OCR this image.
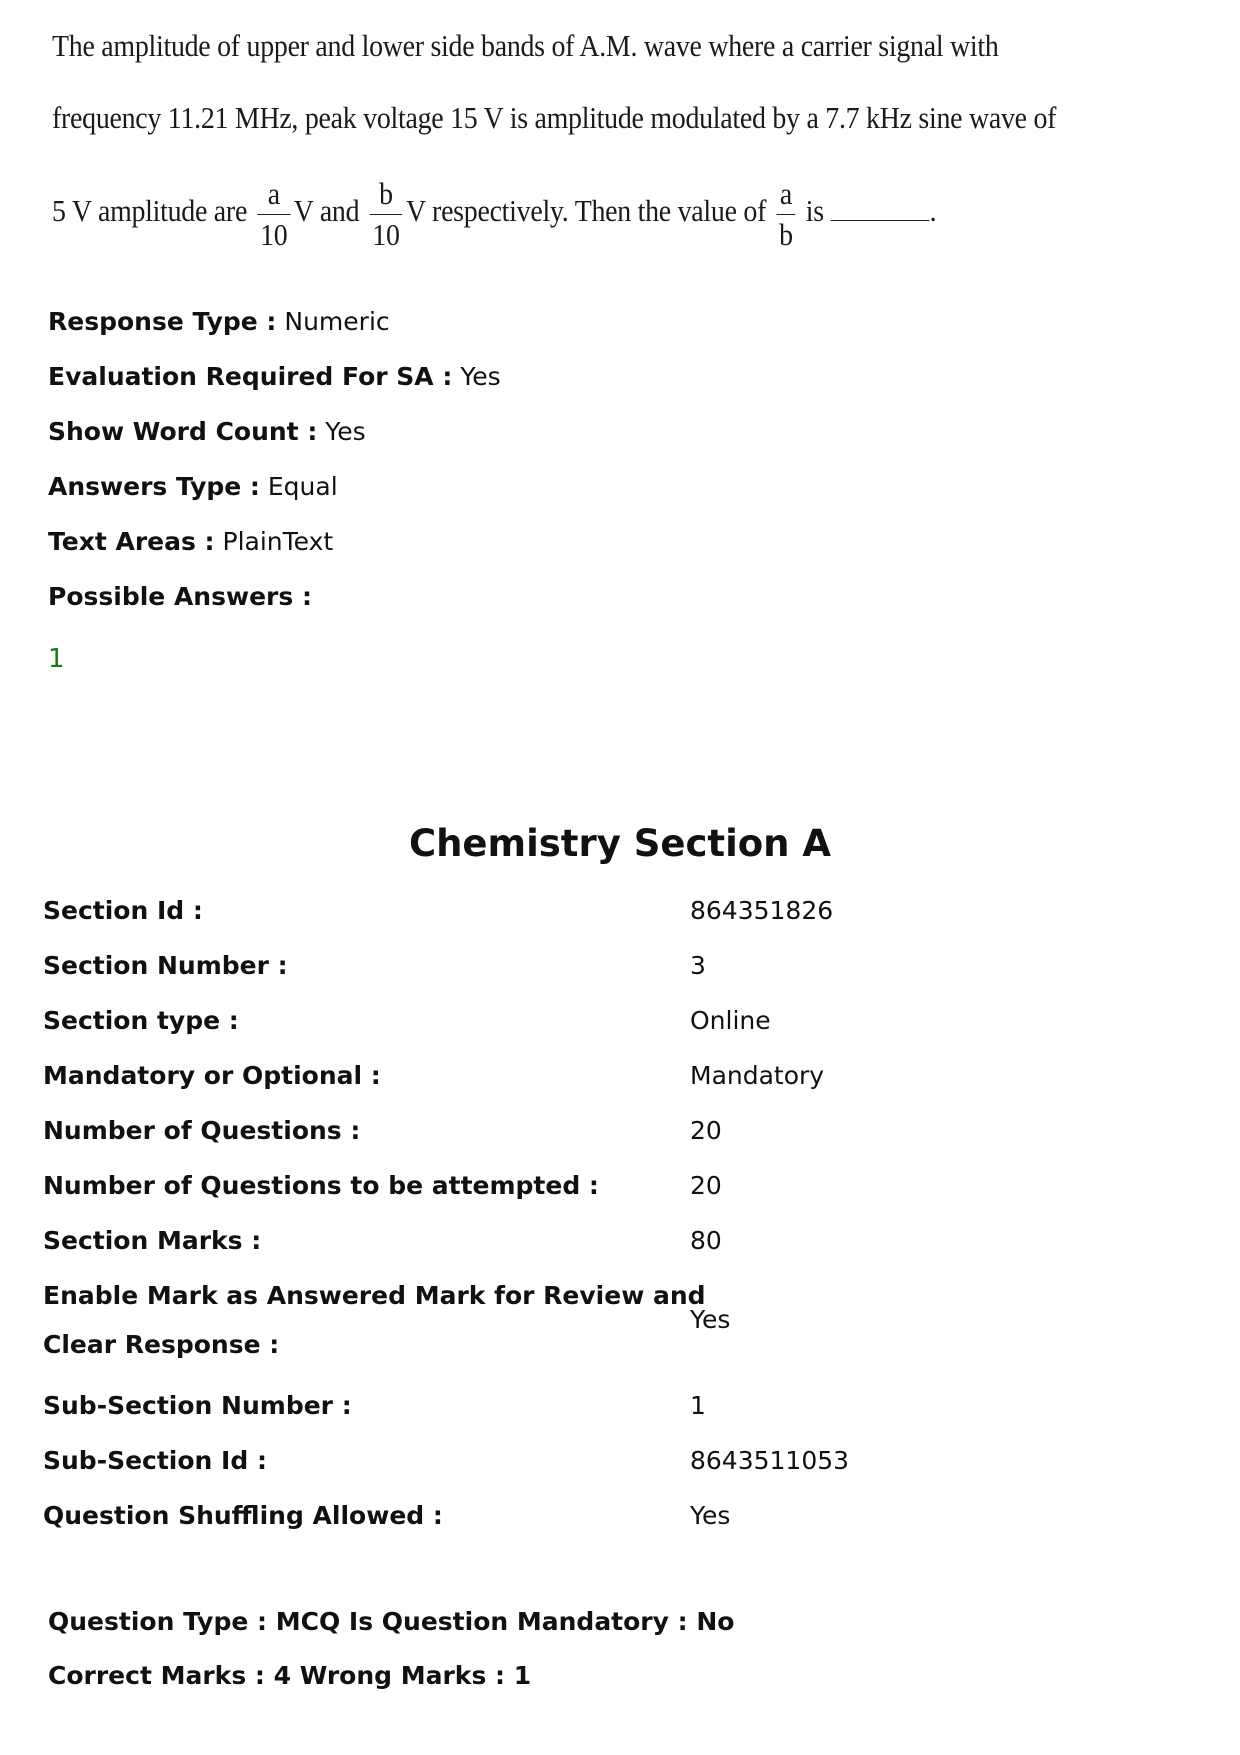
The amplitude of upper and lower side bands of A.M. wave where a carrier signal with
frequency 11.21 MHz, peak voltage 15 V is amplitude modulated by a 7.7 kHz sine wave of
5 V amplitude are $\frac{a}{10}$ V and $\frac{b}{10}$ V respectively. Then the value of $\frac{a}{b}$ is	.
Response Type : Numeric
Evaluation Required For SA : Yes
Show Word Count : Yes
Answers Type : Equal
Text Areas : PlainText
Possible Answers :
1
Chemistry Section A
Section Id :	864351826
Section Number :	3
Section type :	Online
Mandatory or Optional :	Mandatory
Number of Questions :	20
Number of Questions to be attempted :	20
Section Marks :	80
Enable Mark as Answered Mark for Review and
Clear Response :
Yes
Sub-Section Number :	1
Sub-Section Id :	8643511053
Question Shuffling Allowed :	Yes
Question Type : MCQ Is Question Mandatory : No
Correct Marks : 4 Wrong Marks : 1
